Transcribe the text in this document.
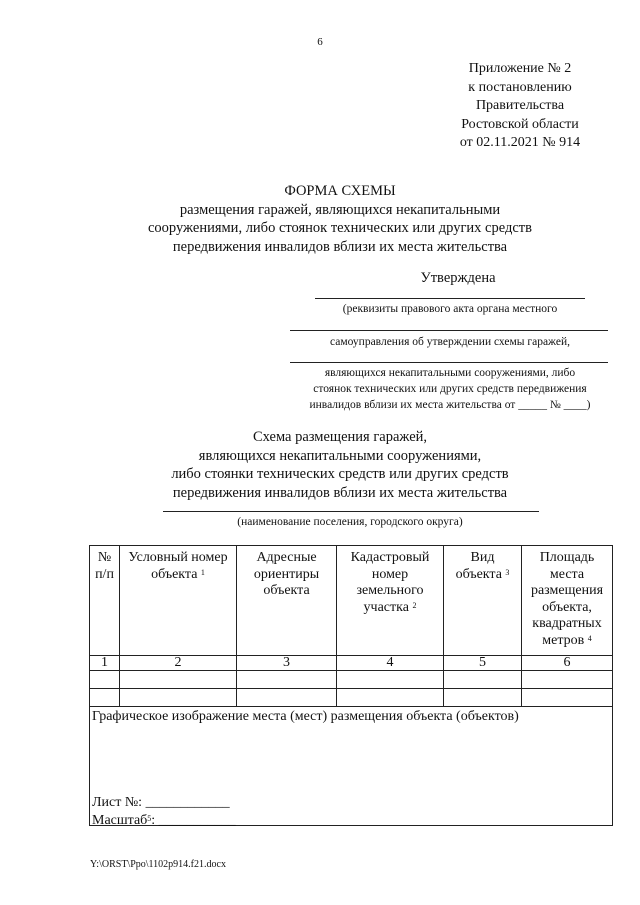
6
Приложение № 2
к постановлению
Правительства
Ростовской области
от 02.11.2021 № 914
ФОРМА СХЕМЫ
размещения гаражей, являющихся некапитальными
сооружениями, либо стоянок технических или других средств
передвижения инвалидов вблизи их места жительства
Утверждена
(реквизиты правового акта органа местного
самоуправления об утверждении схемы гаражей,
являющихся некапитальными сооружениями, либо
стоянок технических или других средств передвижения
инвалидов вблизи их места жительства от _____ № ____)
Схема размещения гаражей,
являющихся некапитальными сооружениями,
либо стоянки технических средств или других средств
передвижения инвалидов вблизи их места жительства
(наименование поселения, городского округа)
№ п/п	Условный номер объекта $^1$	Адресные ориентиры объекта	Кадастровый номер земельного участка $^2$	Вид объекта $^3$	Площадь места размещения объекта, квадратных метров $^4$
1	2	3	4	5	6

Графическое изображение места (мест) размещения объекта (объектов)
Лист №: ____________
Масштаб$^5$: ___________					
Y:\ORST\Ppo\1102p914.f21.docx
